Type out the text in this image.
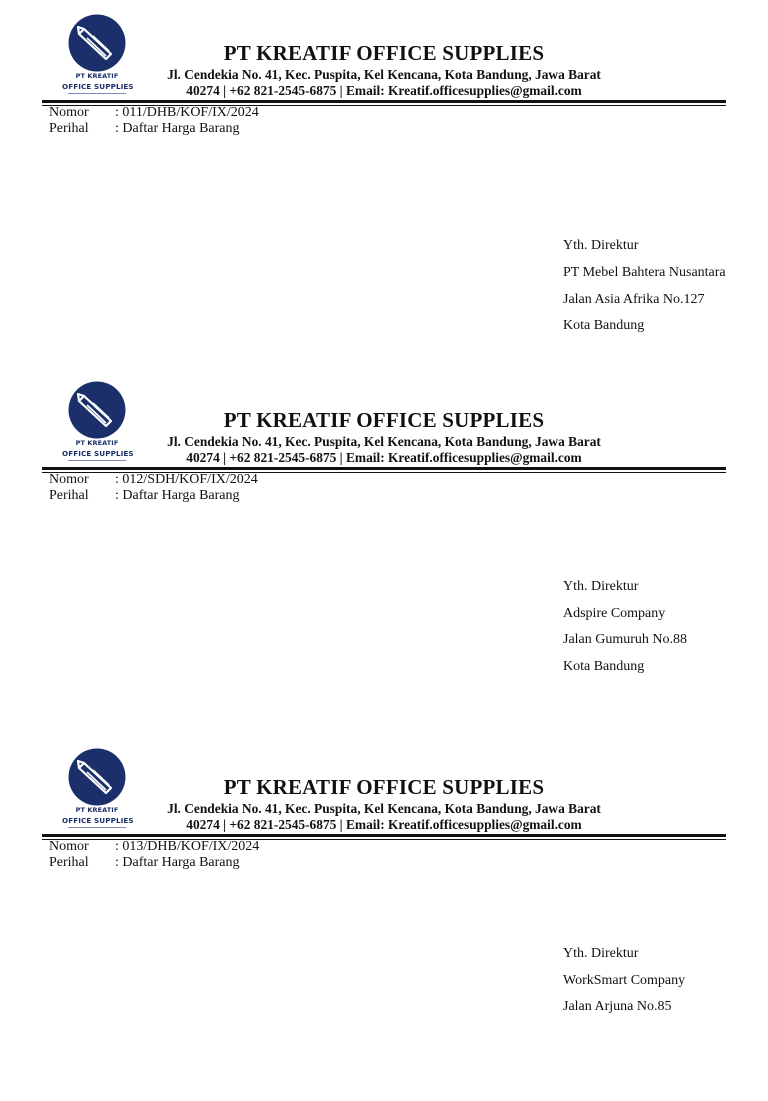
PT KREATIF
OFFICE SUPPLIES
PT KREATIF OFFICE SUPPLIES
Jl. Cendekia No. 41, Kec. Puspita, Kel Kencana, Kota Bandung, Jawa Barat
40274 | +62 821-2545-6875 | Email: Kreatif.officesupplies@gmail.com
Nomor : 011/DHB/KOF/IX/2024
Perihal : Daftar Harga Barang
Yth. Direktur
PT Mebel Bahtera Nusantara
Jalan Asia Afrika No.127
Kota Bandung
PT KREATIF
OFFICE SUPPLIES
PT KREATIF OFFICE SUPPLIES
Jl. Cendekia No. 41, Kec. Puspita, Kel Kencana, Kota Bandung, Jawa Barat
40274 | +62 821-2545-6875 | Email: Kreatif.officesupplies@gmail.com
Nomor : 012/SDH/KOF/IX/2024
Perihal : Daftar Harga Barang
Yth. Direktur
Adspire Company
Jalan Gumuruh No.88
Kota Bandung
PT KREATIF
OFFICE SUPPLIES
PT KREATIF OFFICE SUPPLIES
Jl. Cendekia No. 41, Kec. Puspita, Kel Kencana, Kota Bandung, Jawa Barat
40274 | +62 821-2545-6875 | Email: Kreatif.officesupplies@gmail.com
Nomor : 013/DHB/KOF/IX/2024
Perihal : Daftar Harga Barang
Yth. Direktur
WorkSmart Company
Jalan Arjuna No.85
